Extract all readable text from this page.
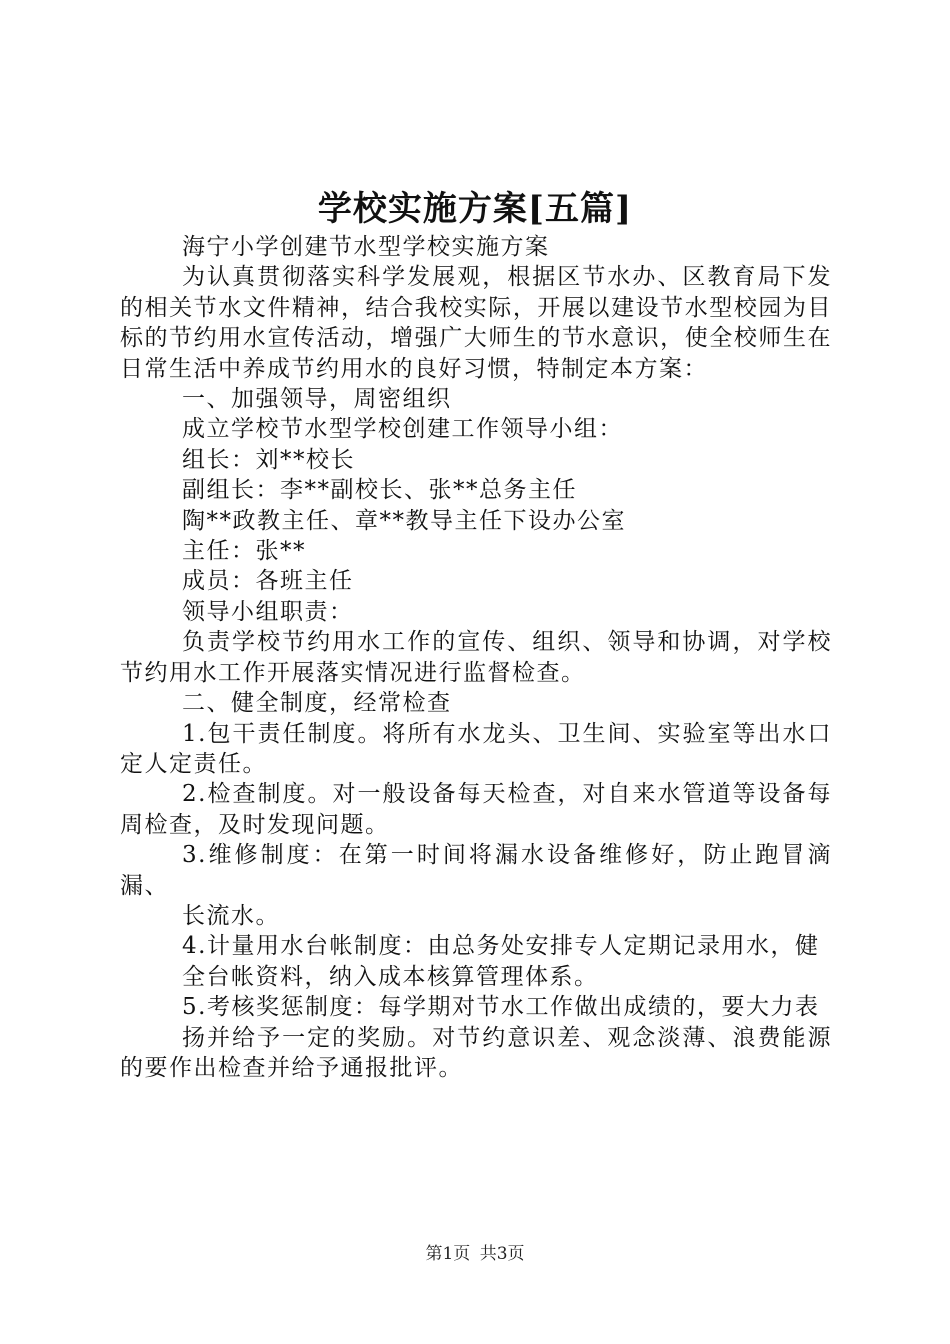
学校实施方案[五篇]

海宁小学创建节水型学校实施方案

为认真贯彻落实科学发展观，根据区节水办、区教育局下发的相关节水文件精神，结合我校实际，开展以建设节水型校园为目标的节约用水宣传活动，增强广大师生的节水意识，使全校师生在日常生活中养成节约用水的良好习惯，特制定本方案：

一、加强领导，周密组织

成立学校节水型学校创建工作领导小组：

组长：刘**校长

副组长：李**副校长、张**总务主任

陶**政教主任、章**教导主任下设办公室

主任：张**

成员：各班主任

领导小组职责：

负责学校节约用水工作的宣传、组织、领导和协调，对学校节约用水工作开展落实情况进行监督检查。

二、健全制度，经常检查

1.包干责任制度。将所有水龙头、卫生间、实验室等出水口定人定责任。

2.检查制度。对一般设备每天检查，对自来水管道等设备每周检查，及时发现问题。

3.维修制度：在第一时间将漏水设备维修好，防止跑冒滴漏、

长流水。

4.计量用水台帐制度：由总务处安排专人定期记录用水，健

全台帐资料，纳入成本核算管理体系。

5.考核奖惩制度：每学期对节水工作做出成绩的，要大力表

扬并给予一定的奖励。对节约意识差、观念淡薄、浪费能源的要作出检查并给予通报批评。

第1页 共3页
